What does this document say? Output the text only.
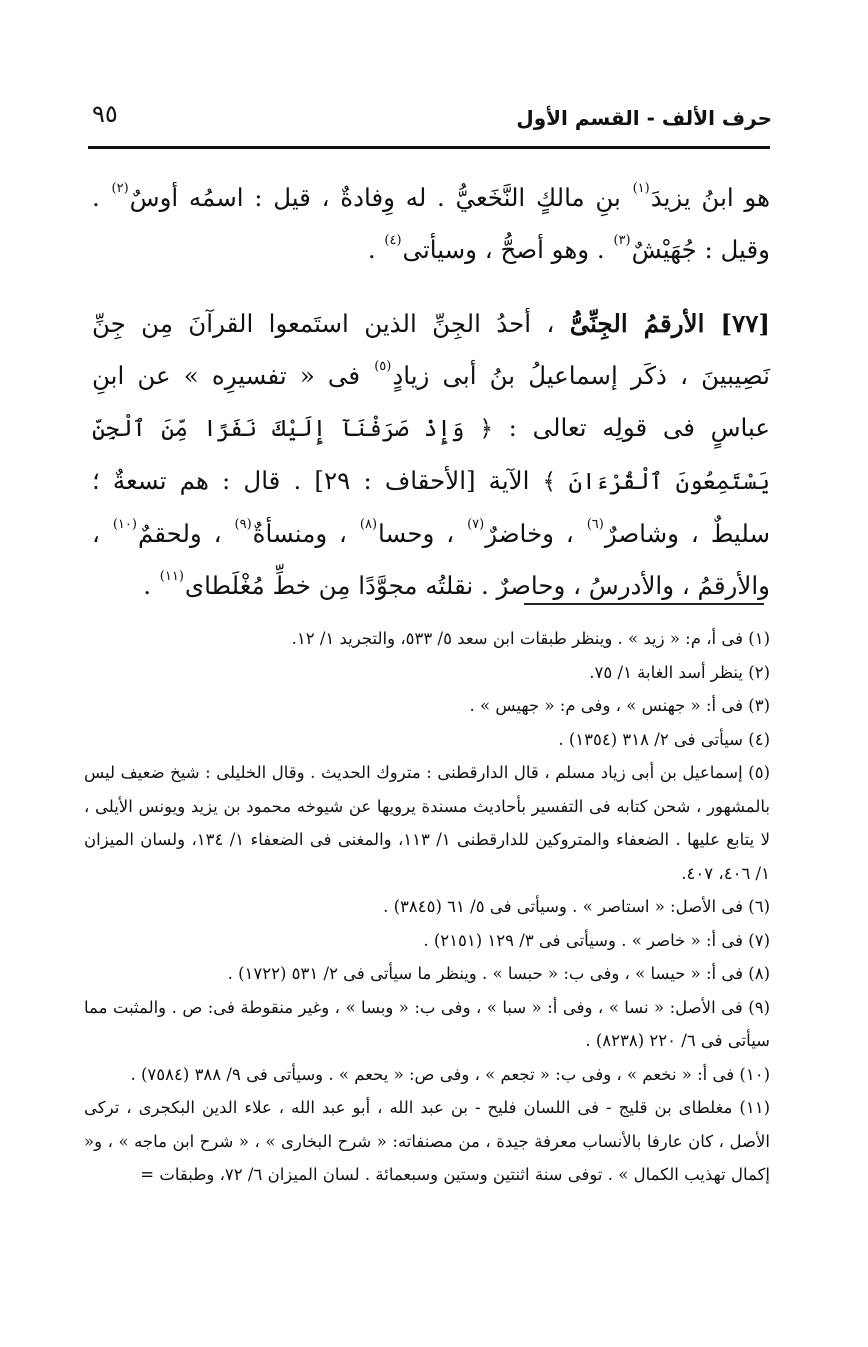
٩٥	حرف الألف - القسم الأول

هو ابنُ يزيدَ$^{(١)}$ بنِ مالكٍ النَّخَعيُّ . له وِفادةٌ ، قيل : اسمُه أوسٌ$^{(٢)}$ . وقيل : جُهَيْشٌ$^{(٣)}$ . وهو أصحُّ ، وسيأتى$^{(٤)}$ .

[٧٧] الأرقمُ الجِنِّىُّ ، أحدُ الجِنِّ الذين استَمعوا القرآنَ مِن جِنِّ نَصِيبينَ ، ذكَر إسماعيلُ بنُ أبى زيادٍ$^{(٥)}$ فى « تفسيرِه » عن ابنِ عباسٍ فى قولِه تعالى : ﴿ وَإِذْ صَرَفْنَآ إِلَيْكَ نَفَرًا مِّنَ ٱلْجِنِّ يَسْتَمِعُونَ ٱلْقُرْءَانَ ﴾ الآية [الأحقاف : ٢٩] . قال : هم تسعةٌ ؛ سليطٌ ، وشاصرٌ$^{(٦)}$ ، وخاضرٌ$^{(٧)}$ ، وحسا$^{(٨)}$ ، ومنسأةٌ$^{(٩)}$ ، ولحقمٌ$^{(١٠)}$ ، والأرقمُ ، والأدرسُ ، وحاصرٌ . نقلتُه مجوَّدًا مِن خطِّ مُغْلَطاى$^{(١١)}$ .

(١) فى أ، م: « زيد » . وينظر طبقات ابن سعد ٥/ ٥٣٣، والتجريد ١/ ١٢.

(٢) ينظر أسد الغابة ١/ ٧٥.

(٣) فى أ: « جهنس » ، وفى م: « جهيس » .

(٤) سيأتى فى ٢/ ٣١٨ (١٣٥٤) .

(٥) إسماعيل بن أبى زياد مسلم ، قال الدارقطنى : متروك الحديث . وقال الخليلى : شيخ ضعيف ليس بالمشهور ، شحن كتابه فى التفسير بأحاديث مسندة يرويها عن شيوخه محمود بن يزيد ويونس الأيلى ، لا يتابع عليها . الضعفاء والمتروكين للدارقطنى ١/ ١١٣، والمغنى فى الضعفاء ١/ ١٣٤، ولسان الميزان ١/ ٤٠٦، ٤٠٧.

(٦) فى الأصل: « استاصر » . وسيأتى فى ٥/ ٦١ (٣٨٤٥) .

(٧) فى أ: « خاصر » . وسيأتى فى ٣/ ١٢٩ (٢١٥١) .

(٨) فى أ: « حيسا » ، وفى ب: « حبسا » . وينظر ما سيأتى فى ٢/ ٥٣١ (١٧٢٢) .

(٩) فى الأصل: « نسا » ، وفى أ: « سبا » ، وفى ب: « وبسا » ، وغير منقوطة فى: ص . والمثبت مما سيأتى فى ٦/ ٢٢٠ (٨٢٣٨) .

(١٠) فى أ: « نخعم » ، وفى ب: « تجعم » ، وفى ص: « يحعم » . وسيأتى فى ٩/ ٣٨٨ (٧٥٨٤) .

(١١) مغلطاى بن قليج - فى اللسان فليح - بن عبد الله ، أبو عبد الله ، علاء الدين البكجرى ، تركى الأصل ، كان عارفا بالأنساب معرفة جيدة ، من مصنفاته: « شرح البخارى » ، « شرح ابن ماجه » ، و« إكمال تهذيب الكمال » . توفى سنة اثنتين وستين وسبعمائة . لسان الميزان ٦/ ٧٢، وطبقات =
